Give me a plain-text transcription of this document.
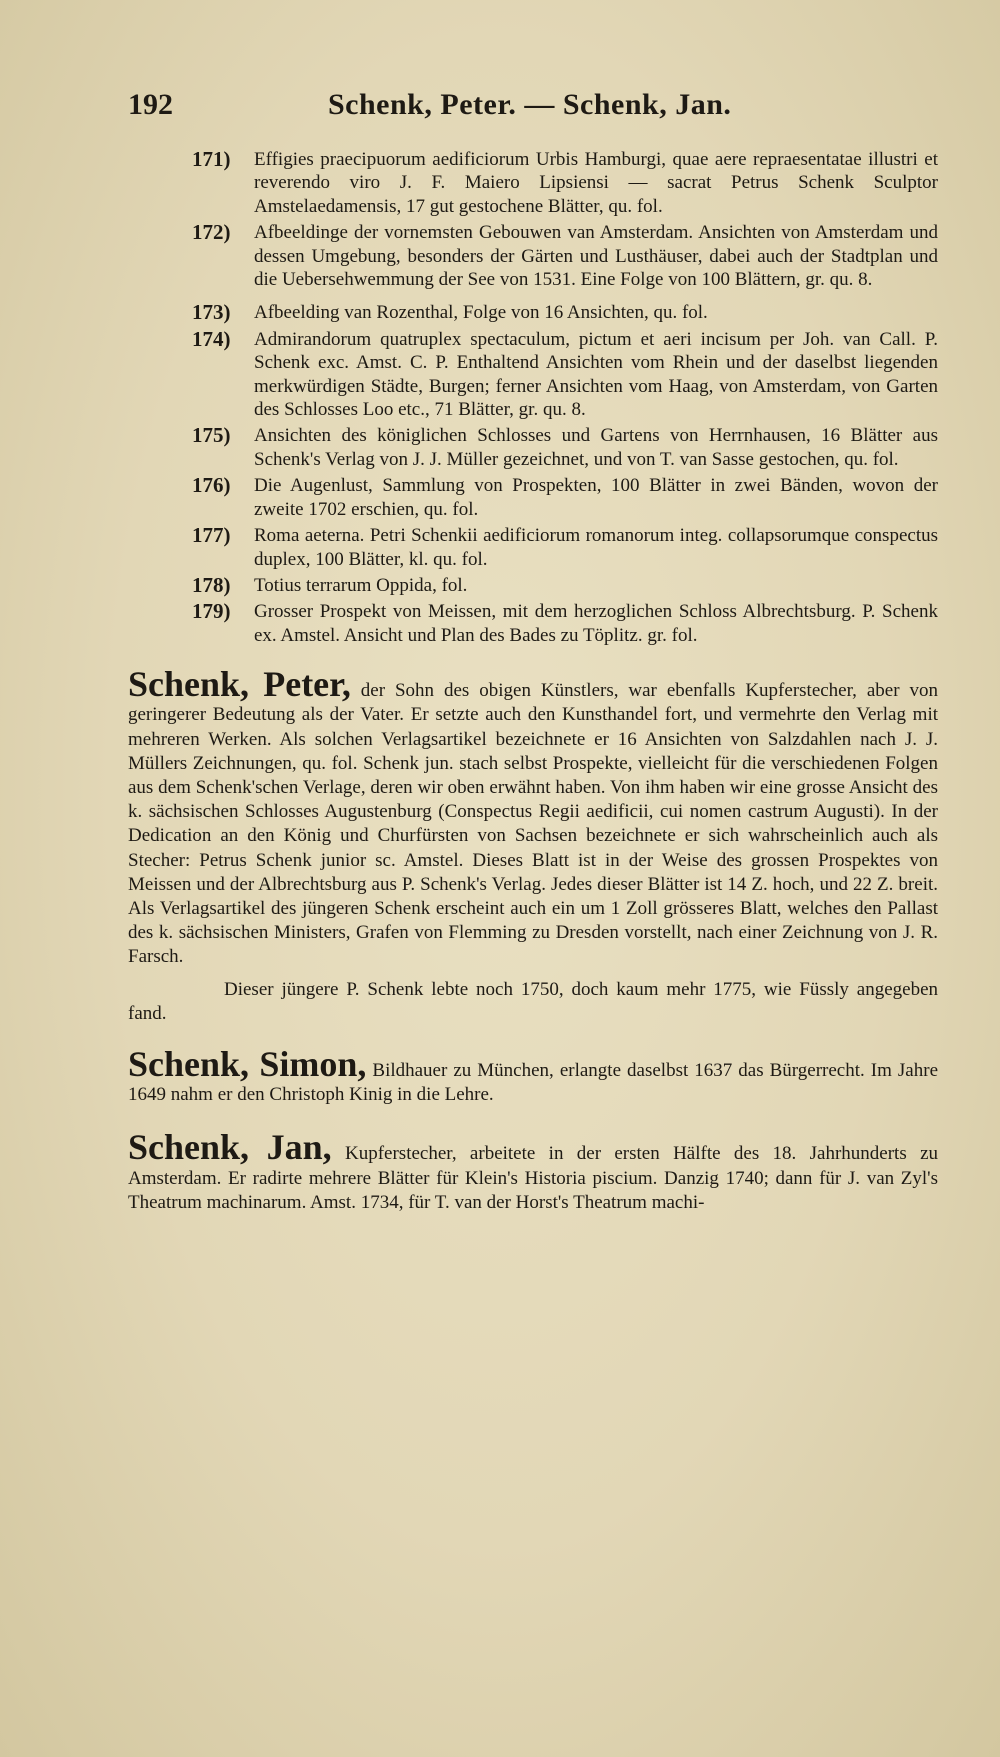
192	Schenk, Peter. — Schenk, Jan.
171) Effigies praecipuorum aedificiorum Urbis Hamburgi, quae aere repraesentatae illustri et reverendo viro J. F. Maiero Lipsiensi — sacrat Petrus Schenk Sculptor Amstelaedamensis, 17 gut gestochene Blätter, qu. fol.
172) Afbeeldinge der vornemsten Gebouwen van Amsterdam. Ansichten von Amsterdam und dessen Umgebung, besonders der Gärten und Lusthäuser, dabei auch der Stadtplan und die Uebersehwemmung der See von 1531. Eine Folge von 100 Blättern, gr. qu. 8.
173) Afbeelding van Rozenthal, Folge von 16 Ansichten, qu. fol.
174) Admirandorum quatruplex spectaculum, pictum et aeri incisum per Joh. van Call. P. Schenk exc. Amst. C. P. Enthaltend Ansichten vom Rhein und der daselbst liegenden merkwürdigen Städte, Burgen; ferner Ansichten vom Haag, von Amsterdam, von Garten des Schlosses Loo etc., 71 Blätter, gr. qu. 8.
175) Ansichten des königlichen Schlosses und Gartens von Herrnhausen, 16 Blätter aus Schenk's Verlag von J. J. Müller gezeichnet, und von T. van Sasse gestochen, qu. fol.
176) Die Augenlust, Sammlung von Prospekten, 100 Blätter in zwei Bänden, wovon der zweite 1702 erschien, qu. fol.
177) Roma aeterna. Petri Schenkii aedificiorum romanorum integ. collapsorumque conspectus duplex, 100 Blätter, kl. qu. fol.
178) Totius terrarum Oppida, fol.
179) Grosser Prospekt von Meissen, mit dem herzoglichen Schloss Albrechtsburg. P. Schenk ex. Amstel. Ansicht und Plan des Bades zu Töplitz. gr. fol.

Schenk, Peter, der Sohn des obigen Künstlers, war ebenfalls Kupferstecher, aber von geringerer Bedeutung als der Vater. Er setzte auch den Kunsthandel fort, und vermehrte den Verlag mit mehreren Werken. Als solchen Verlagsartikel bezeichnete er 16 Ansichten von Salzdahlen nach J. J. Müllers Zeichnungen, qu. fol. Schenk jun. stach selbst Prospekte, vielleicht für die verschiedenen Folgen aus dem Schenk'schen Verlage, deren wir oben erwähnt haben. Von ihm haben wir eine grosse Ansicht des k. sächsischen Schlosses Augustenburg (Conspectus Regii aedificii, cui nomen castrum Augusti). In der Dedication an den König und Churfürsten von Sachsen bezeichnete er sich wahrscheinlich auch als Stecher: Petrus Schenk junior sc. Amstel. Dieses Blatt ist in der Weise des grossen Prospektes von Meissen und der Albrechtsburg aus P. Schenk's Verlag. Jedes dieser Blätter ist 14 Z. hoch, und 22 Z. breit. Als Verlagsartikel des jüngeren Schenk erscheint auch ein um 1 Zoll grösseres Blatt, welches den Pallast des k. sächsischen Ministers, Grafen von Flemming zu Dresden vorstellt, nach einer Zeichnung von J. R. Farsch.

Dieser jüngere P. Schenk lebte noch 1750, doch kaum mehr 1775, wie Füssly angegeben fand.

Schenk, Simon, Bildhauer zu München, erlangte daselbst 1637 das Bürgerrecht. Im Jahre 1649 nahm er den Christoph Kinig in die Lehre.

Schenk, Jan, Kupferstecher, arbeitete in der ersten Hälfte des 18. Jahrhunderts zu Amsterdam. Er radirte mehrere Blätter für Klein's Historia piscium. Danzig 1740; dann für J. van Zyl's Theatrum machinarum. Amst. 1734, für T. van der Horst's Theatrum machi-
